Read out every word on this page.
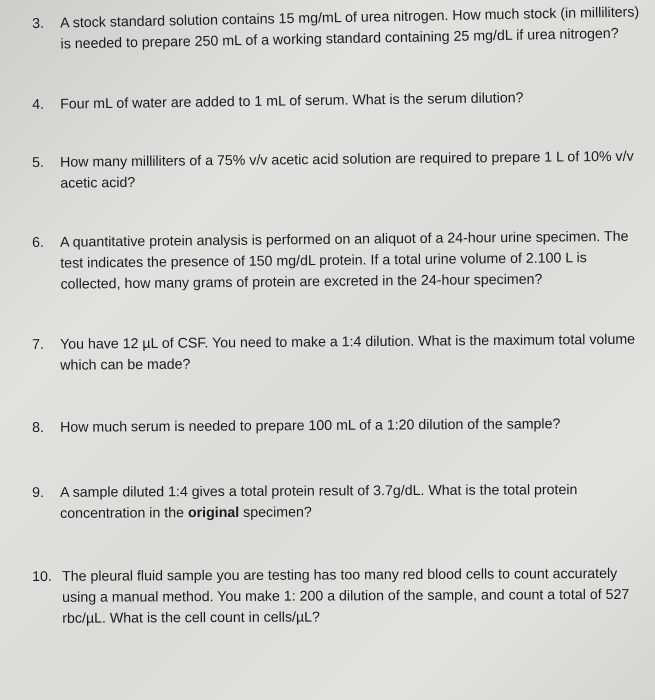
3.	A stock standard solution contains 15 mg/mL of urea nitrogen. How much stock (in milliliters) is needed to prepare 250 mL of a working standard containing 25 mg/dL if urea nitrogen?
4.	Four mL of water are added to 1 mL of serum. What is the serum dilution?
5.	How many milliliters of a 75% v/v acetic acid solution are required to prepare 1 L of 10% v/v acetic acid?
6.	A quantitative protein analysis is performed on an aliquot of a 24-hour urine specimen. The test indicates the presence of 150 mg/dL protein. If a total urine volume of 2.100 L is collected, how many grams of protein are excreted in the 24-hour specimen?
7.	You have 12 µL of CSF. You need to make a 1:4 dilution. What is the maximum total volume which can be made?
8.	How much serum is needed to prepare 100 mL of a 1:20 dilution of the sample?
9.	A sample diluted 1:4 gives a total protein result of 3.7g/dL. What is the total protein concentration in the original specimen?
10. The pleural fluid sample you are testing has too many red blood cells to count accurately using a manual method. You make 1: 200 a dilution of the sample, and count a total of 527 rbc/µL. What is the cell count in cells/µL?
